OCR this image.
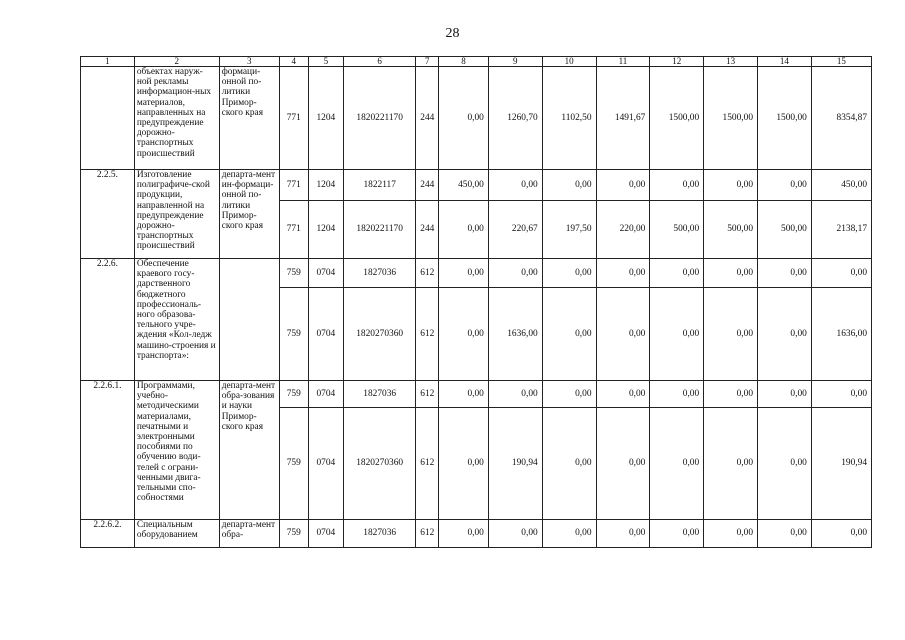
28
1	2	3	4	5	6	7	8	9	10	11	12	13	14	15
	объектах наруж-ной рекламы информацион-ных материалов, направленных на предупреждение дорожно-транспортных происшествий	формаци-онной по-литики Примор-ского края	771	1204	1820221170	244	0,00	1260,70	1102,50	1491,67	1500,00	1500,00	1500,00	8354,87
2.2.5.	Изготовление полиграфиче-ской продукции, направленной на предупреждение дорожно-транспортных происшествий	департа-мент ин-формаци-онной по-литики Примор-ского края	771	1204	1822117	244	450,00	0,00	0,00	0,00	0,00	0,00	0,00	450,00
			771	1204	1820221170	244	0,00	220,67	197,50	220,00	500,00	500,00	500,00	2138,17
2.2.6.	Обеспечение краевого госу-дарственного бюджетного профессиональ-ного образова-тельного учре-ждения «Кол-ледж машино-строения и транспорта»:		759	0704	1827036	612	0,00	0,00	0,00	0,00	0,00	0,00	0,00	0,00
			759	0704	1820270360	612	0,00	1636,00	0,00	0,00	0,00	0,00	0,00	1636,00
2.2.6.1.	Программами, учебно-методическими материалами, печатными и электронными пособиями по обучению води-телей с ограни-ченными двига-тельными спо-собностями	департа-мент обра-зования и науки Примор-ского края	759	0704	1827036	612	0,00	0,00	0,00	0,00	0,00	0,00	0,00	0,00
			759	0704	1820270360	612	0,00	190,94	0,00	0,00	0,00	0,00	0,00	190,94
2.2.6.2.	Специальным оборудованием	департа-мент обра-	759	0704	1827036	612	0,00	0,00	0,00	0,00	0,00	0,00	0,00	0,00
